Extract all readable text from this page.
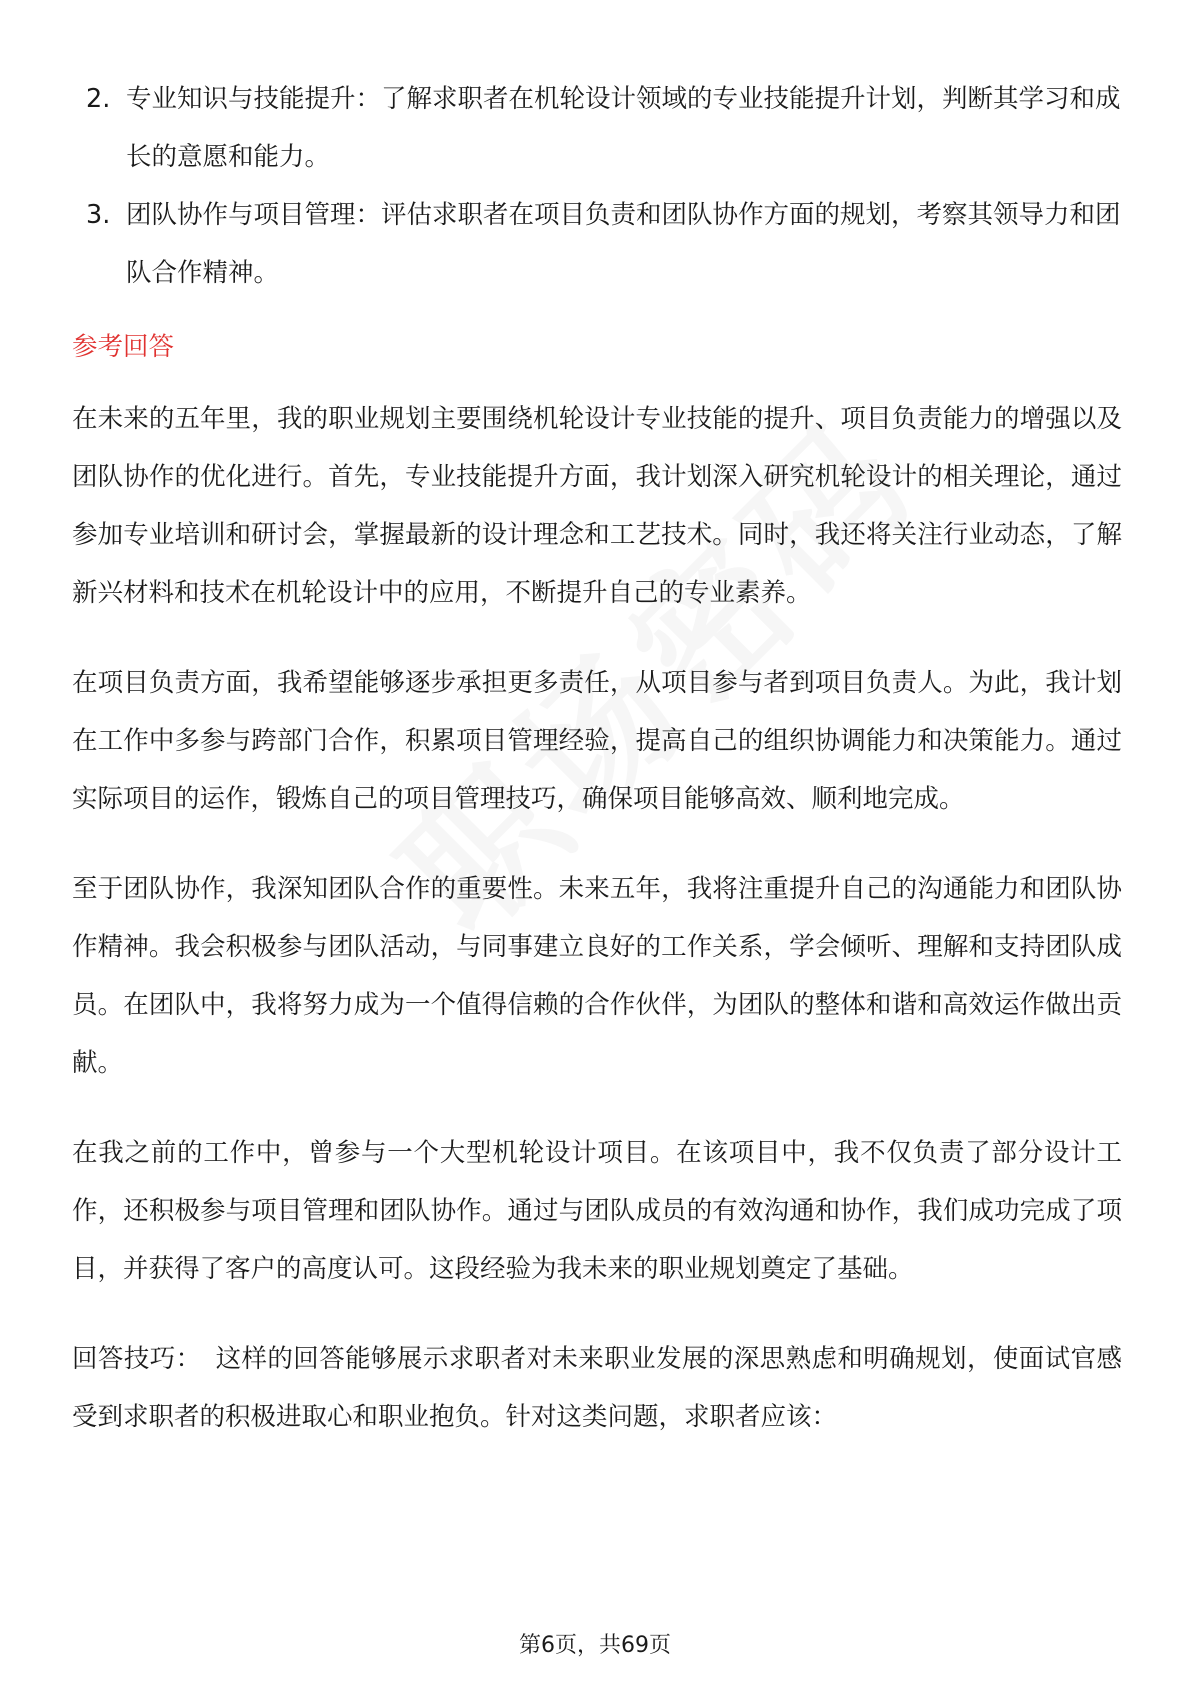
2. 专业知识与技能提升：了解求职者在机轮设计领域的专业技能提升计划，判断其学习和成长的意愿和能力。
3. 团队协作与项目管理：评估求职者在项目负责和团队协作方面的规划，考察其领导力和团队合作精神。
参考回答

在未来的五年里，我的职业规划主要围绕机轮设计专业技能的提升、项目负责能力的增强以及团队协作的优化进行。首先，专业技能提升方面，我计划深入研究机轮设计的相关理论，通过参加专业培训和研讨会，掌握最新的设计理念和工艺技术。同时，我还将关注行业动态，了解新兴材料和技术在机轮设计中的应用，不断提升自己的专业素养。

在项目负责方面，我希望能够逐步承担更多责任，从项目参与者到项目负责人。为此，我计划在工作中多参与跨部门合作，积累项目管理经验，提高自己的组织协调能力和决策能力。通过实际项目的运作，锻炼自己的项目管理技巧，确保项目能够高效、顺利地完成。

至于团队协作，我深知团队合作的重要性。未来五年，我将注重提升自己的沟通能力和团队协作精神。我会积极参与团队活动，与同事建立良好的工作关系，学会倾听、理解和支持团队成员。在团队中，我将努力成为一个值得信赖的合作伙伴，为团队的整体和谐和高效运作做出贡献。

在我之前的工作中，曾参与一个大型机轮设计项目。在该项目中，我不仅负责了部分设计工作，还积极参与项目管理和团队协作。通过与团队成员的有效沟通和协作，我们成功完成了项目，并获得了客户的高度认可。这段经验为我未来的职业规划奠定了基础。

回答技巧： 这样的回答能够展示求职者对未来职业发展的深思熟虑和明确规划，使面试官感受到求职者的积极进取心和职业抱负。针对这类问题，求职者应该：

第6页，共69页
